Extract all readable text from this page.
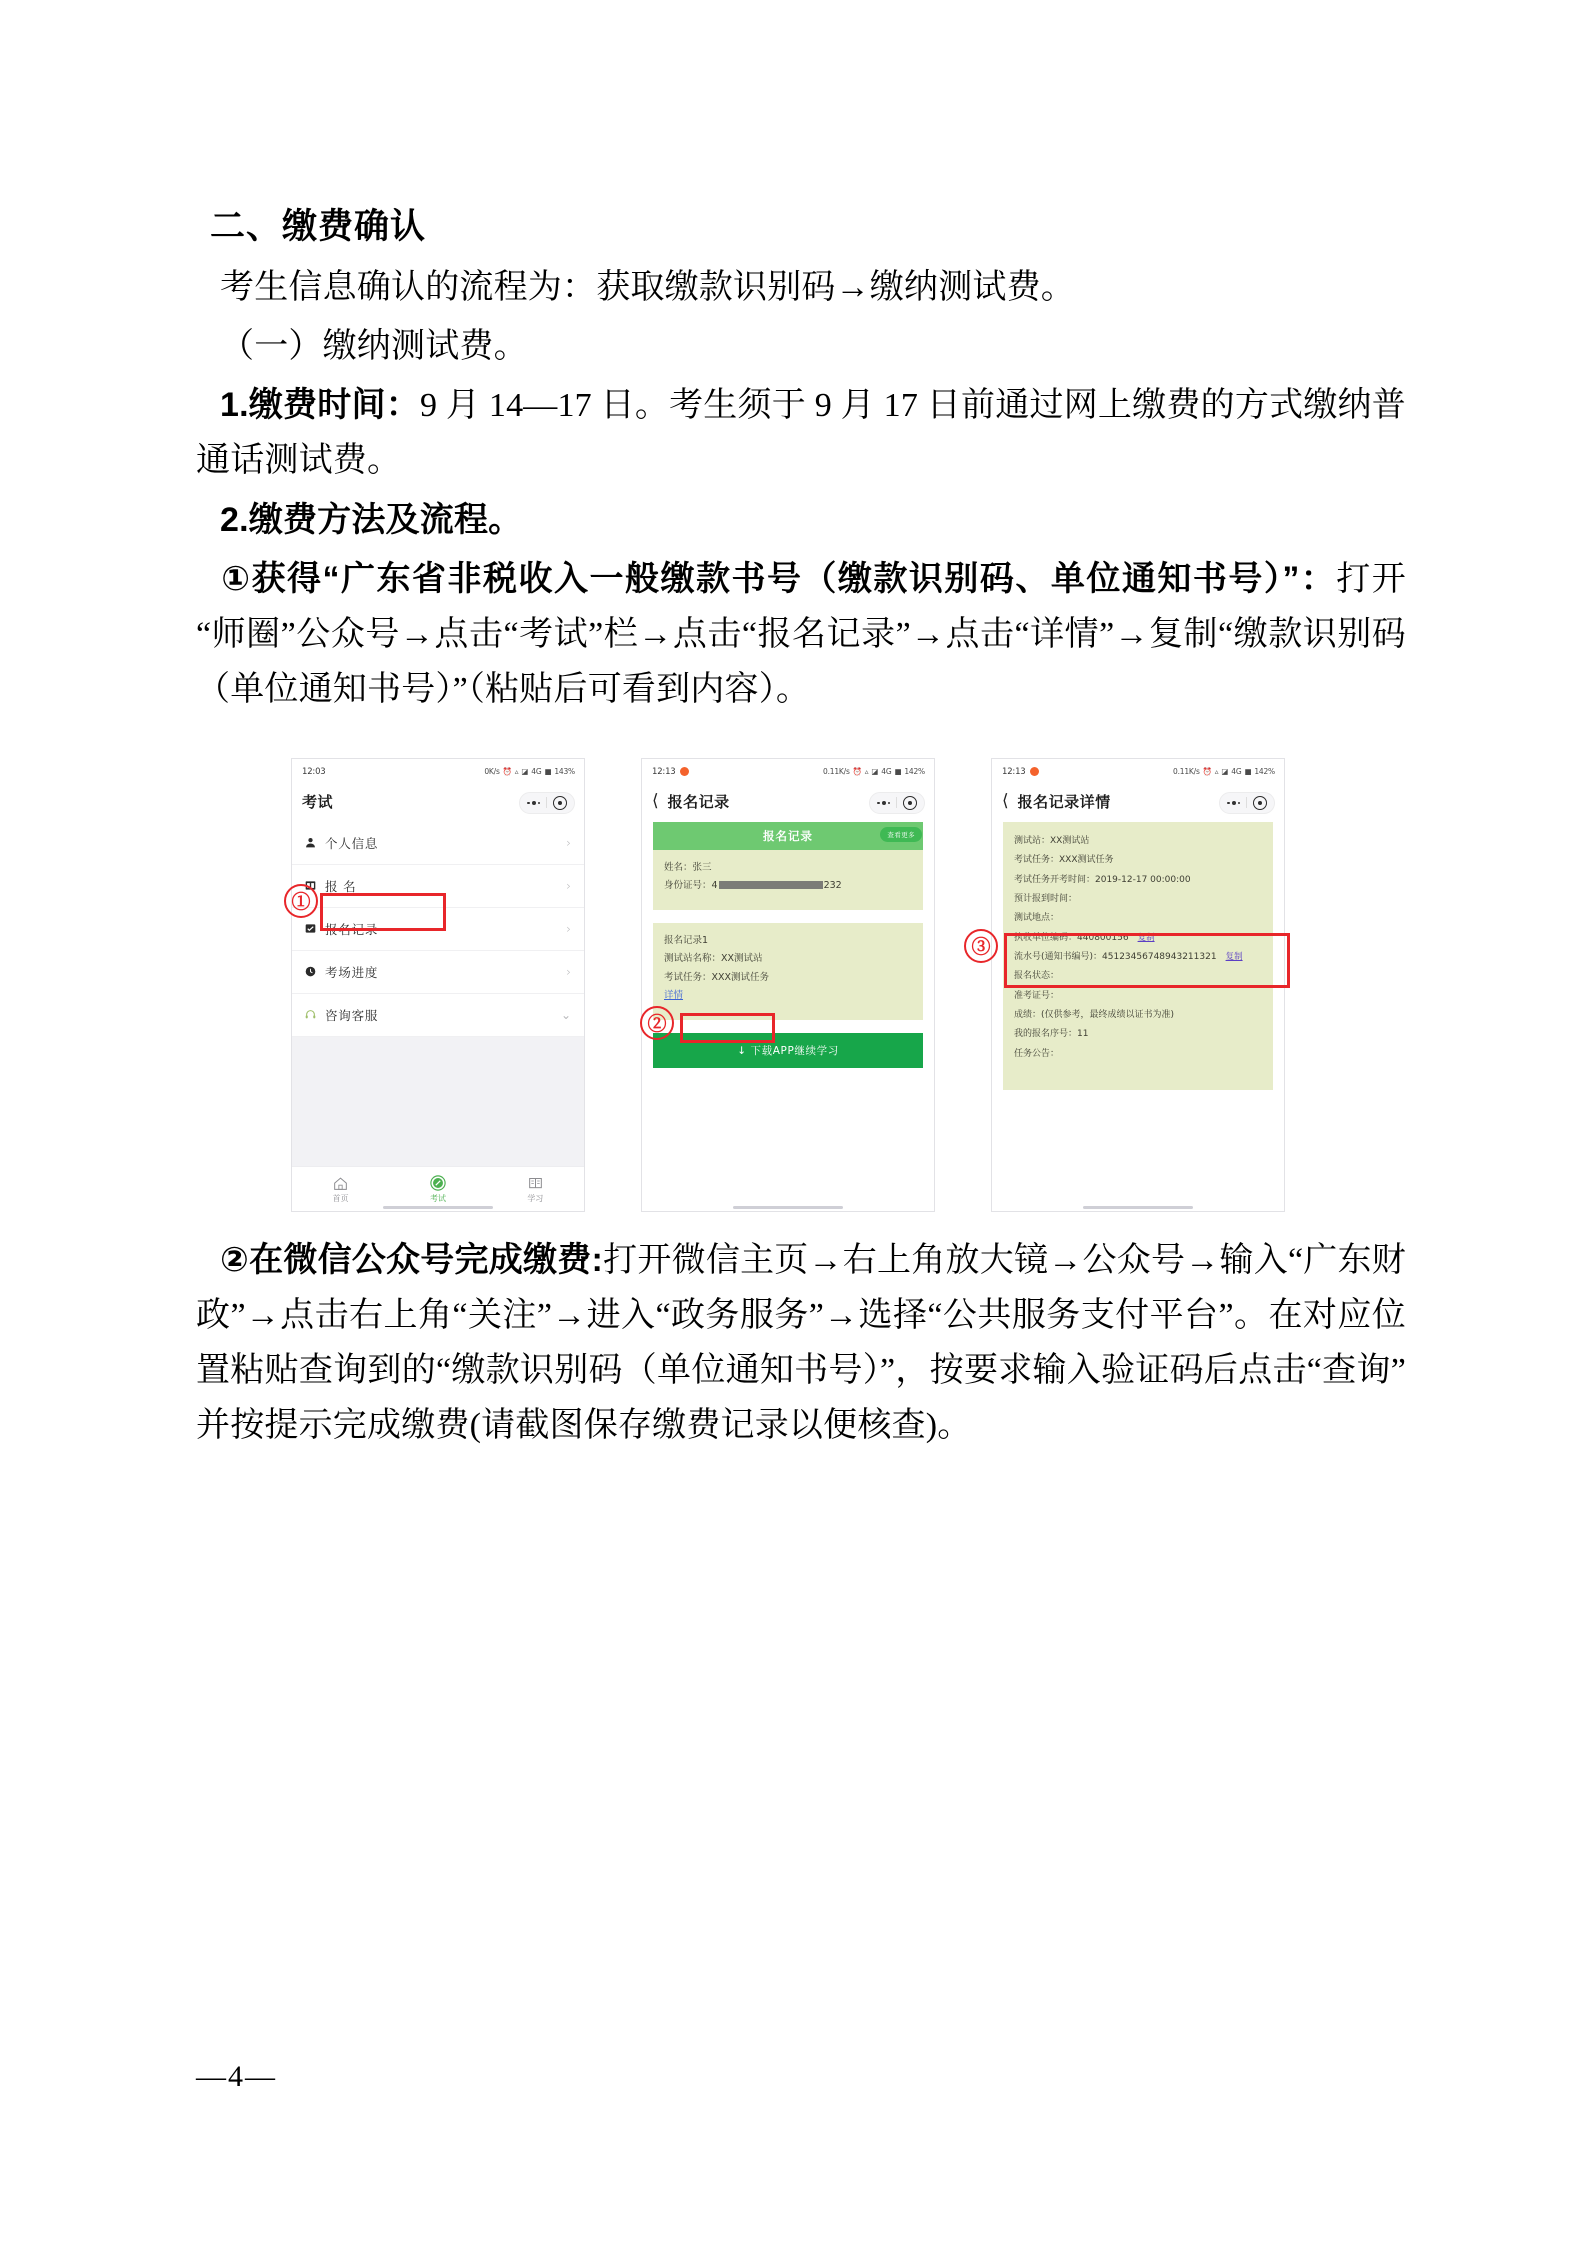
二、缴费确认

考生信息确认的流程为：获取缴款识别码→缴纳测试费。

（一）缴纳测试费。

1.缴费时间：9 月 14—17 日。考生须于 9 月 17 日前通过网上缴费的方式缴纳普通话测试费。

2.缴费方法及流程。

①获得“广东省非税收入一般缴款书号（缴款识别码、单位通知书号）”：打开“师圈”公众号→点击“考试”栏→点击“报名记录”→点击“详情”→复制“缴款识别码（单位通知书号）”（粘贴后可看到内容）。

12:03	0K/s ⏰ ▵ ◪ 4G ■ 143%
考试
个人信息	›
报 名	›
报名记录	›
考场进度	›
咨询客服	⌄
首页	考试	学习
12:13	0.11K/s ⏰ ▵ ◪ 4G ■ 142%
⟨ 报名记录
查看更多
报名记录
姓名：张三
身份证号：4	232
报名记录1
测试站名称：XX测试站
考试任务：XXX测试任务
详情
↓ 下载APP继续学习
12:13	0.11K/s ⏰ ▵ ◪ 4G ■ 142%
⟨ 报名记录详情
测试站：XX测试站
考试任务：XXX测试任务
考试任务开考时间：2019-12-17 00:00:00
预计报到时间：
测试地点：
执收单位编码：440800156 复制
流水号(通知书编号)：45123456748943211321 复制
报名状态：
准考证号：
成绩：(仅供参考，最终成绩以证书为准)
我的报名序号：11
任务公告：
①
②
③

②在微信公众号完成缴费:打开微信主页→右上角放大镜→公众号→输入“广东财政”→点击右上角“关注”→进入“政务服务”→选择“公共服务支付平台”。在对应位置粘贴查询到的“缴款识别码（单位通知书号）”，按要求输入验证码后点击“查询”并按提示完成缴费(请截图保存缴费记录以便核查)。

—4—
